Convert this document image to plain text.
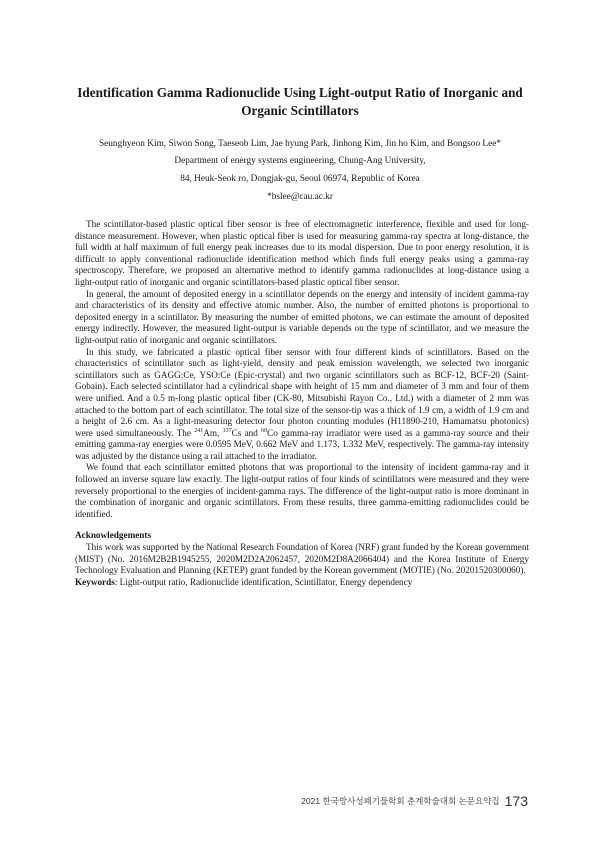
Identification Gamma Radionuclide Using Light-output Ratio of Inorganic and Organic Scintillators
Seunghyeon Kim, Siwon Song, Taeseob Lim, Jae hyung Park, Jinhong Kim, Jin ho Kim, and Bongsoo Lee*
Department of energy systems engineering, Chung-Ang University,
84, Heuk-Seok ro, Dongjak-gu, Seoul 06974, Republic of Korea
*bslee@cau.ac.kr

The scintillator-based plastic optical fiber sensor is free of electromagnetic interference, flexible and used for long-distance measurement. However, when plastic optical fiber is used for measuring gamma-ray spectra at long-distance, the full width at half maximum of full energy peak increases due to its modal dispersion. Due to poor energy resolution, it is difficult to apply conventional radionuclide identification method which finds full energy peaks using a gamma-ray spectroscopy. Therefore, we proposed an alternative method to identify gamma radionuclides at long-distance using a light-output ratio of inorganic and organic scintillators-based plastic optical fiber sensor.

In general, the amount of deposited energy in a scintillator depends on the energy and intensity of incident gamma-ray and characteristics of its density and effective atomic number. Also, the number of emitted photons is proportional to deposited energy in a scintillator. By measuring the number of emitted photons, we can estimate the amount of deposited energy indirectly. However, the measured light-output is variable depends on the type of scintillator, and we measure the light-output ratio of inorganic and organic scintillators.

In this study, we fabricated a plastic optical fiber sensor with four different kinds of scintillators. Based on the characteristics of scintillator such as light-yield, density and peak emission wavelength, we selected two inorganic scintillators such as GAGG:Ce, YSO:Ce (Epic-crystal) and two organic scintillators such as BCF-12, BCF-20 (Saint-Gobain). Each selected scintillator had a cylindrical shape with height of 15 mm and diameter of 3 mm and four of them were unified. And a 0.5 m-long plastic optical fiber (CK-80, Mitsubishi Rayon Co., Ltd.) with a diameter of 2 mm was attached to the bottom part of each scintillator. The total size of the sensor-tip was a thick of 1.9 cm, a width of 1.9 cm and a height of 2.6 cm. As a light-measuring detector four photon counting modules (H11890-210, Hamamatsu photonics) were used simultaneously. The $^{241}$Am, $^{137}$Cs and $^{60}$Co gamma-ray irradiator were used as a gamma-ray source and their emitting gamma-ray energies were 0.0595 MeV, 0.662 MeV and 1.173, 1.332 MeV, respectively. The gamma-ray intensity was adjusted by the distance using a rail attached to the irradiator.

We found that each scintillator emitted photons that was proportional to the intensity of incident gamma-ray and it followed an inverse square law exactly. The light-output ratios of four kinds of scintillators were measured and they were reversely proportional to the energies of incident-gamma rays. The difference of the light-output ratio is more dominant in the combination of inorganic and organic scintillators. From these results, three gamma-emitting radionuclides could be identified.

Acknowledgements

This work was supported by the National Research Foundation of Korea (NRF) grant funded by the Korean government (MIST) (No. 2016M2B2B1945255, 2020M2D2A2062457, 2020M2D8A2066404) and the Korea Institute of Energy Technology Evaluation and Planning (KETEP) grant funded by the Korean government (MOTIE) (No. 20201520300060).

Keywords: Light-output ratio, Radionuclide identification, Scintillator, Energy dependency

2021 한국방사성폐기물학회 춘계학술대회 논문요약집 173
